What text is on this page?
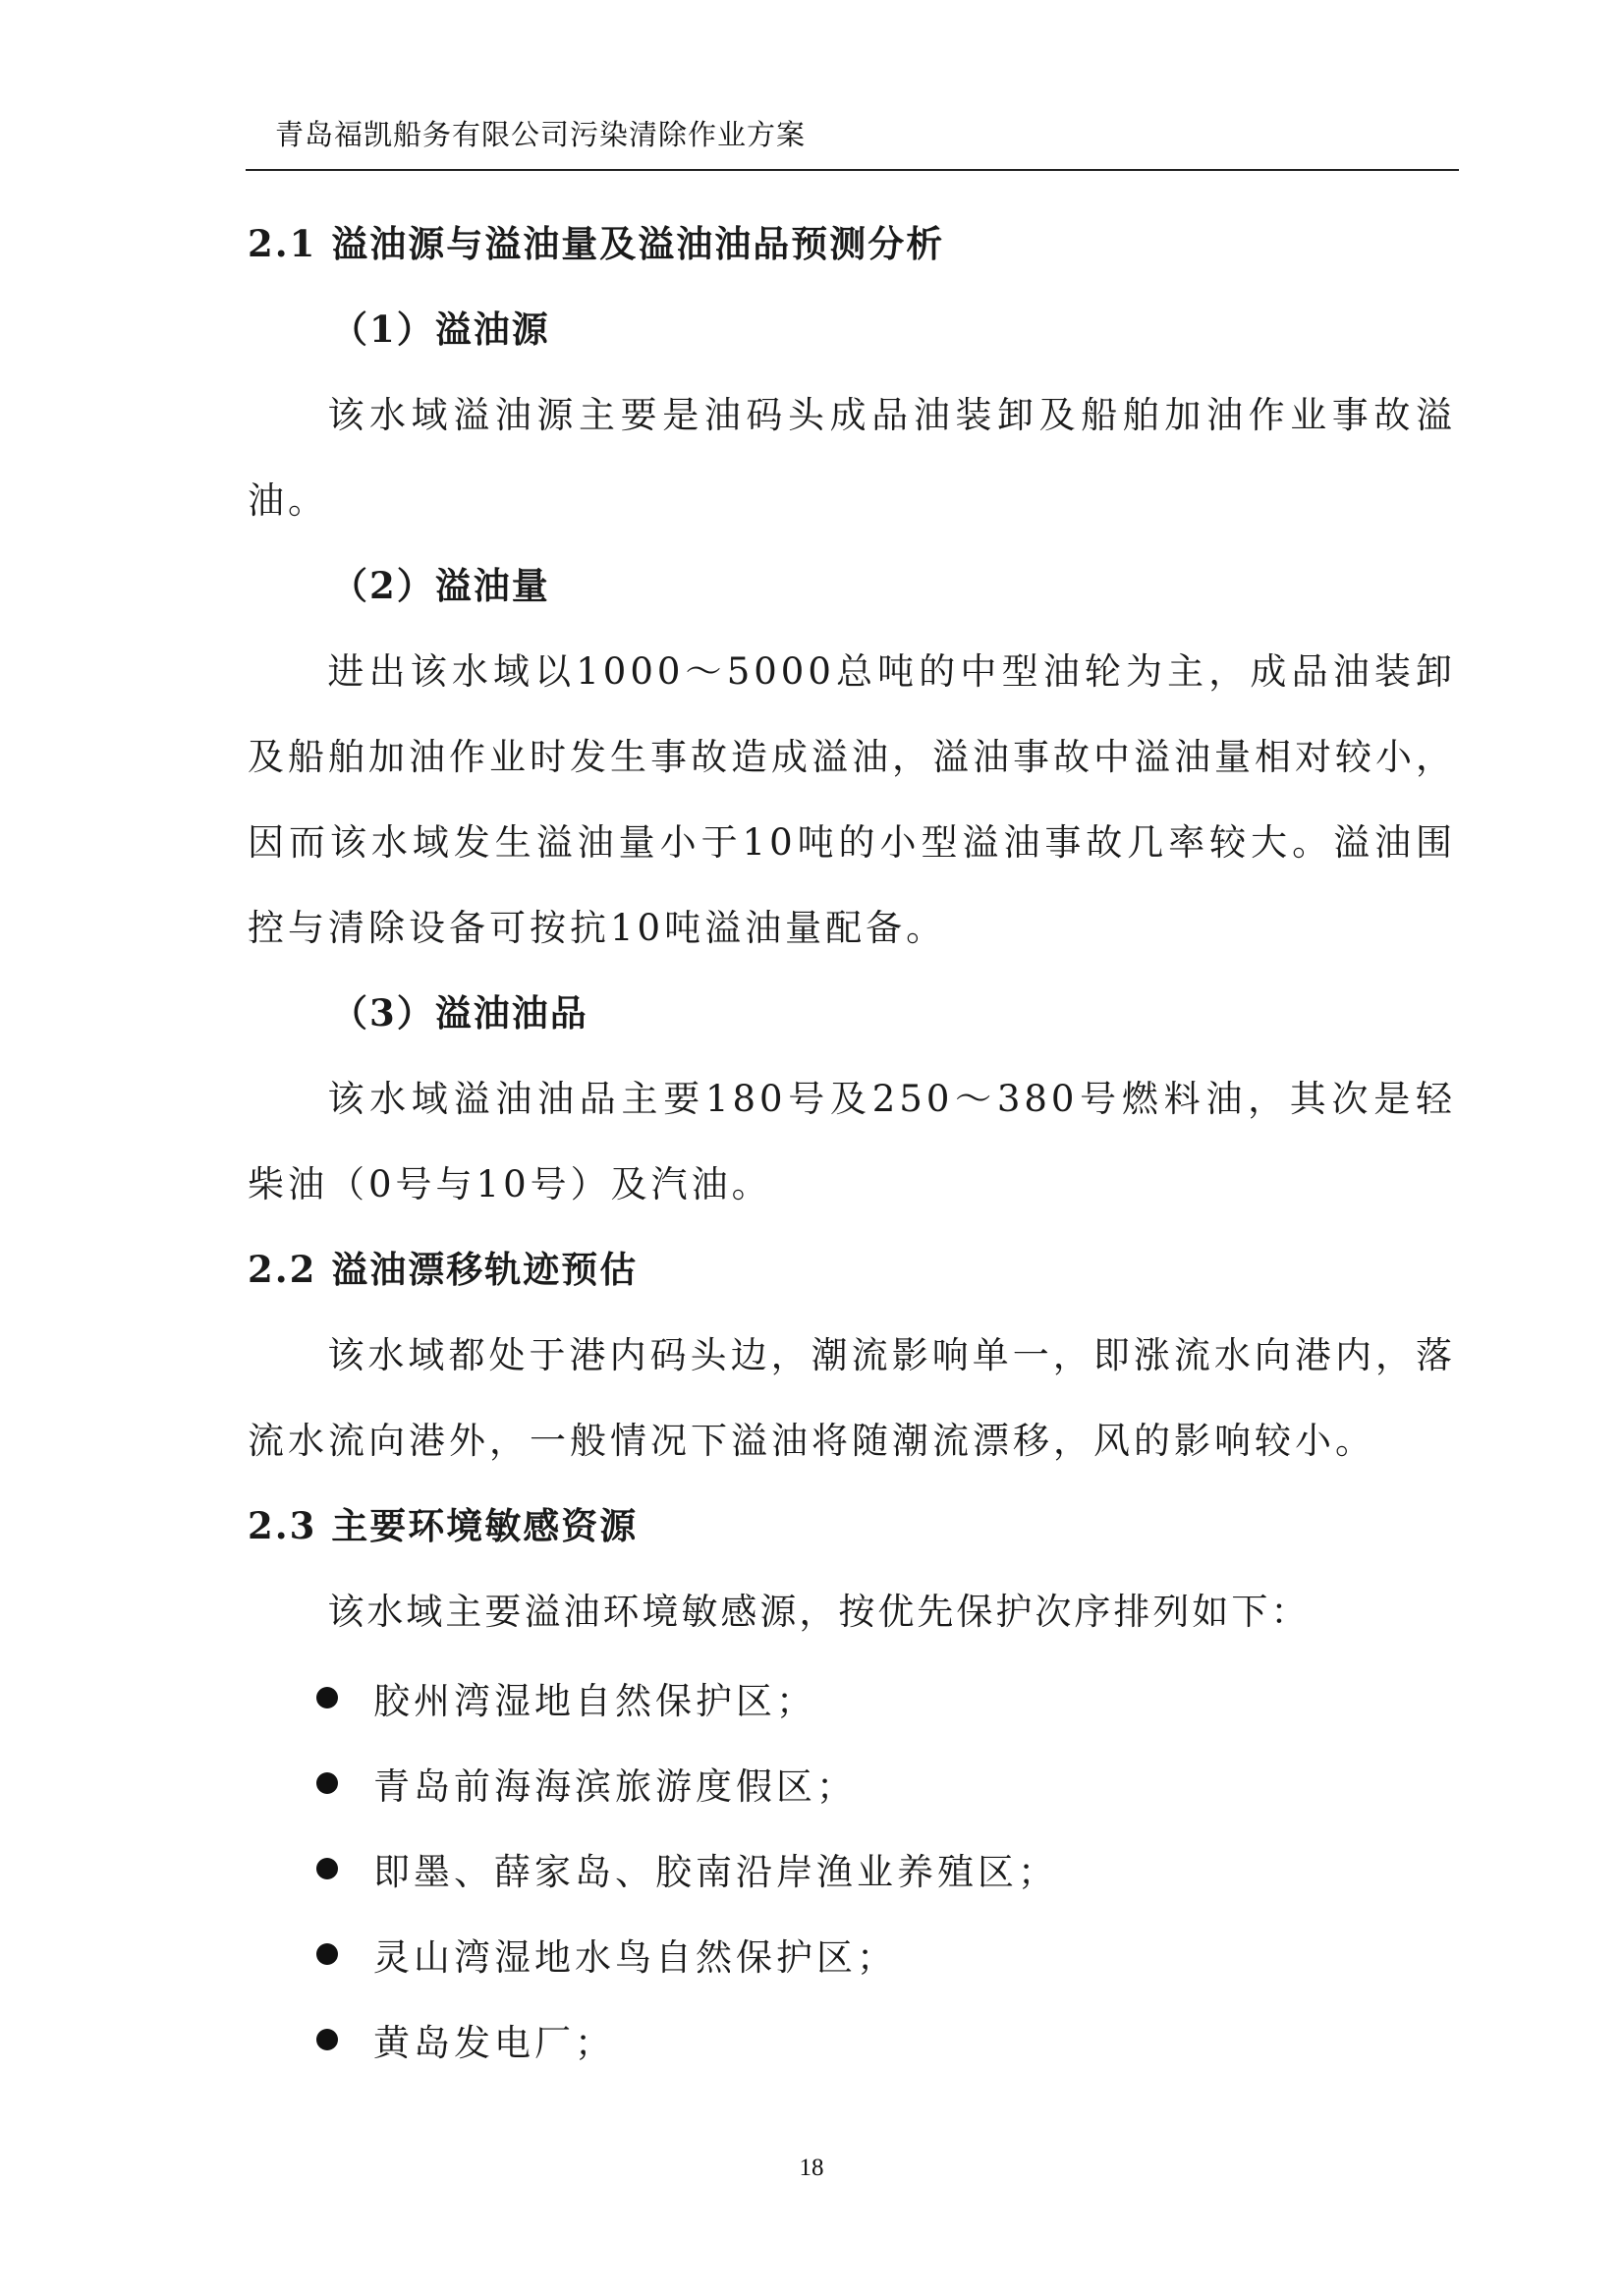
青岛福凯船务有限公司污染清除作业方案
2.1 溢油源与溢油量及溢油油品预测分析
（1）溢油源

该水域溢油源主要是油码头成品油装卸及船舶加油作业事故溢油。

（2）溢油量

进出该水域以1000～5000总吨的中型油轮为主，成品油装卸及船舶加油作业时发生事故造成溢油，溢油事故中溢油量相对较小，因而该水域发生溢油量小于10吨的小型溢油事故几率较大。溢油围控与清除设备可按抗10吨溢油量配备。

（3）溢油油品

该水域溢油油品主要180号及250～380号燃料油，其次是轻柴油（0号与10号）及汽油。

2.2 溢油漂移轨迹预估

该水域都处于港内码头边，潮流影响单一，即涨流水向港内，落流水流向港外，一般情况下溢油将随潮流漂移，风的影响较小。

2.3 主要环境敏感资源

该水域主要溢油环境敏感源，按优先保护次序排列如下：

胶州湾湿地自然保护区；
青岛前海海滨旅游度假区；
即墨、薛家岛、胶南沿岸渔业养殖区；
灵山湾湿地水鸟自然保护区；
黄岛发电厂；
18
